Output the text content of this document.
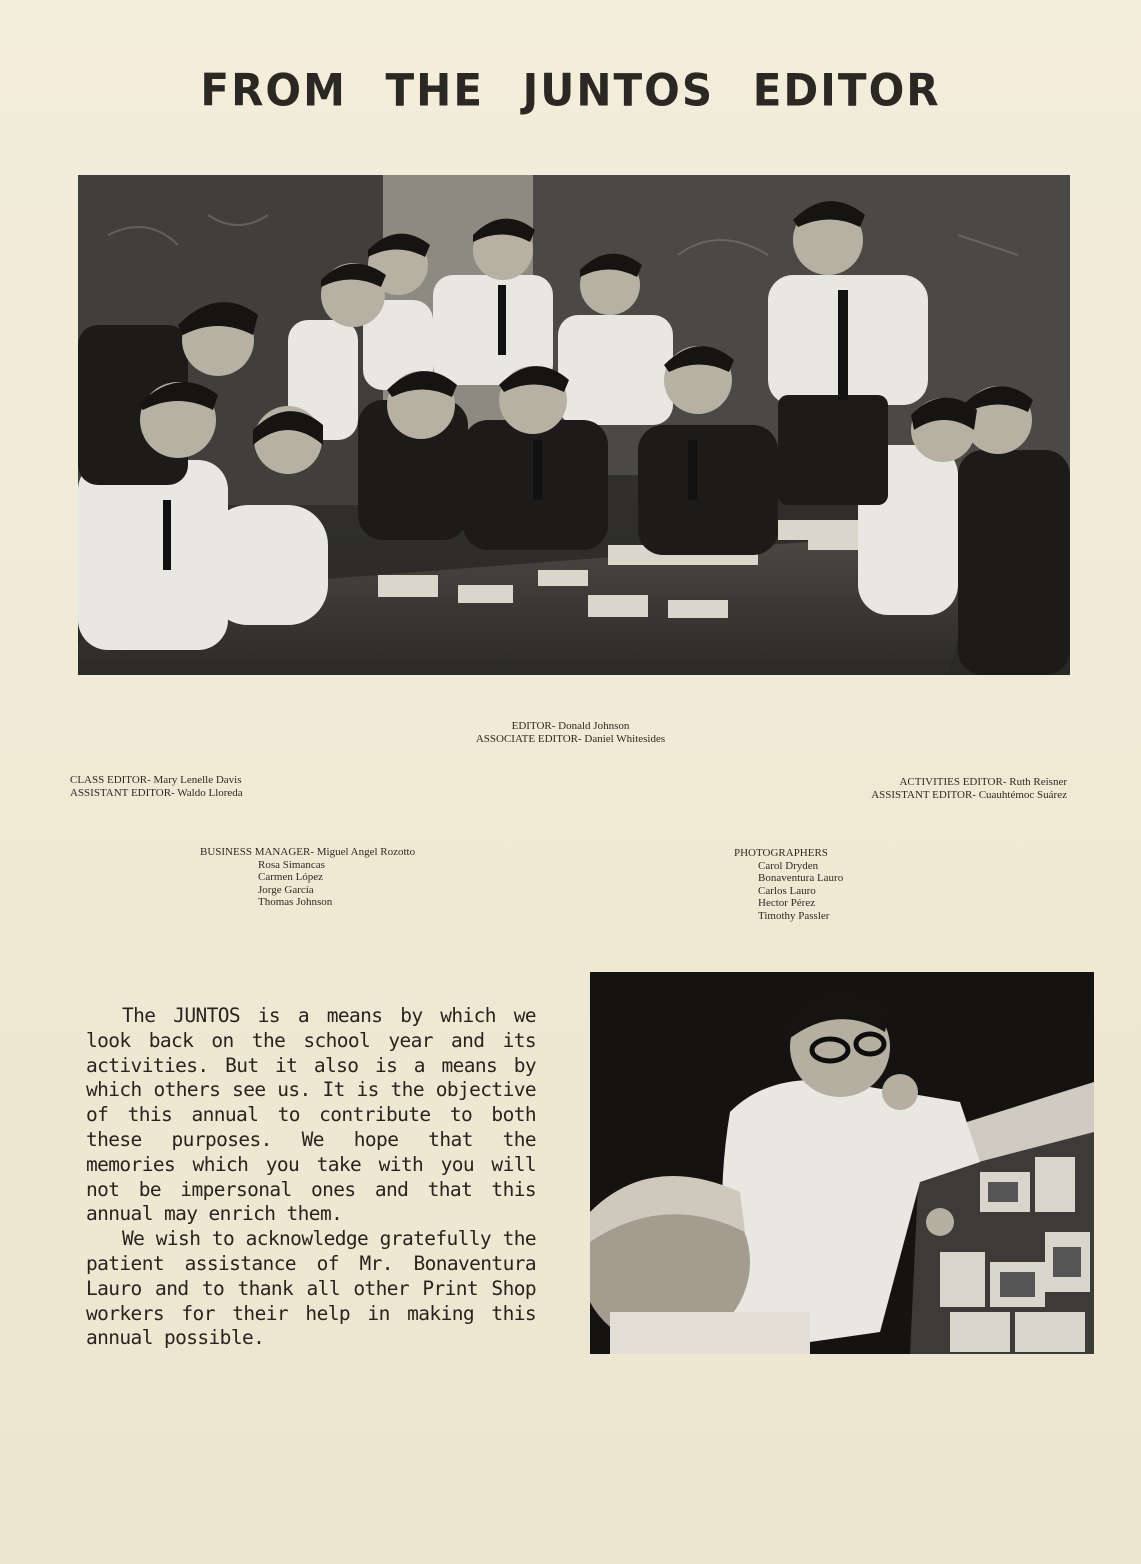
FROM THE JUNTOS EDITOR
EDITOR- Donald Johnson
ASSOCIATE EDITOR- Daniel Whitesides
CLASS EDITOR- Mary Lenelle Davis
ASSISTANT EDITOR- Waldo Lloreda
ACTIVITIES EDITOR- Ruth Reisner
ASSISTANT EDITOR- Cuauhtémoc Suárez
BUSINESS MANAGER- Miguel Angel Rozotto
Rosa Simancas
Carmen López
Jorge García
Thomas Johnson
PHOTOGRAPHERS
Carol Dryden
Bonaventura Lauro
Carlos Lauro
Hector Pérez
Timothy Passler

The JUNTOS is a means by which we look back on the school year and its activities. But it also is a means by which others see us. It is the objective of this annual to contribute to both these purposes. We hope that the memories which you take with you will not be impersonal ones and that this annual may enrich them.

We wish to acknowledge gratefully the patient assistance of Mr. Bonaventura Lauro and to thank all other Print Shop workers for their help in making this annual possible.
